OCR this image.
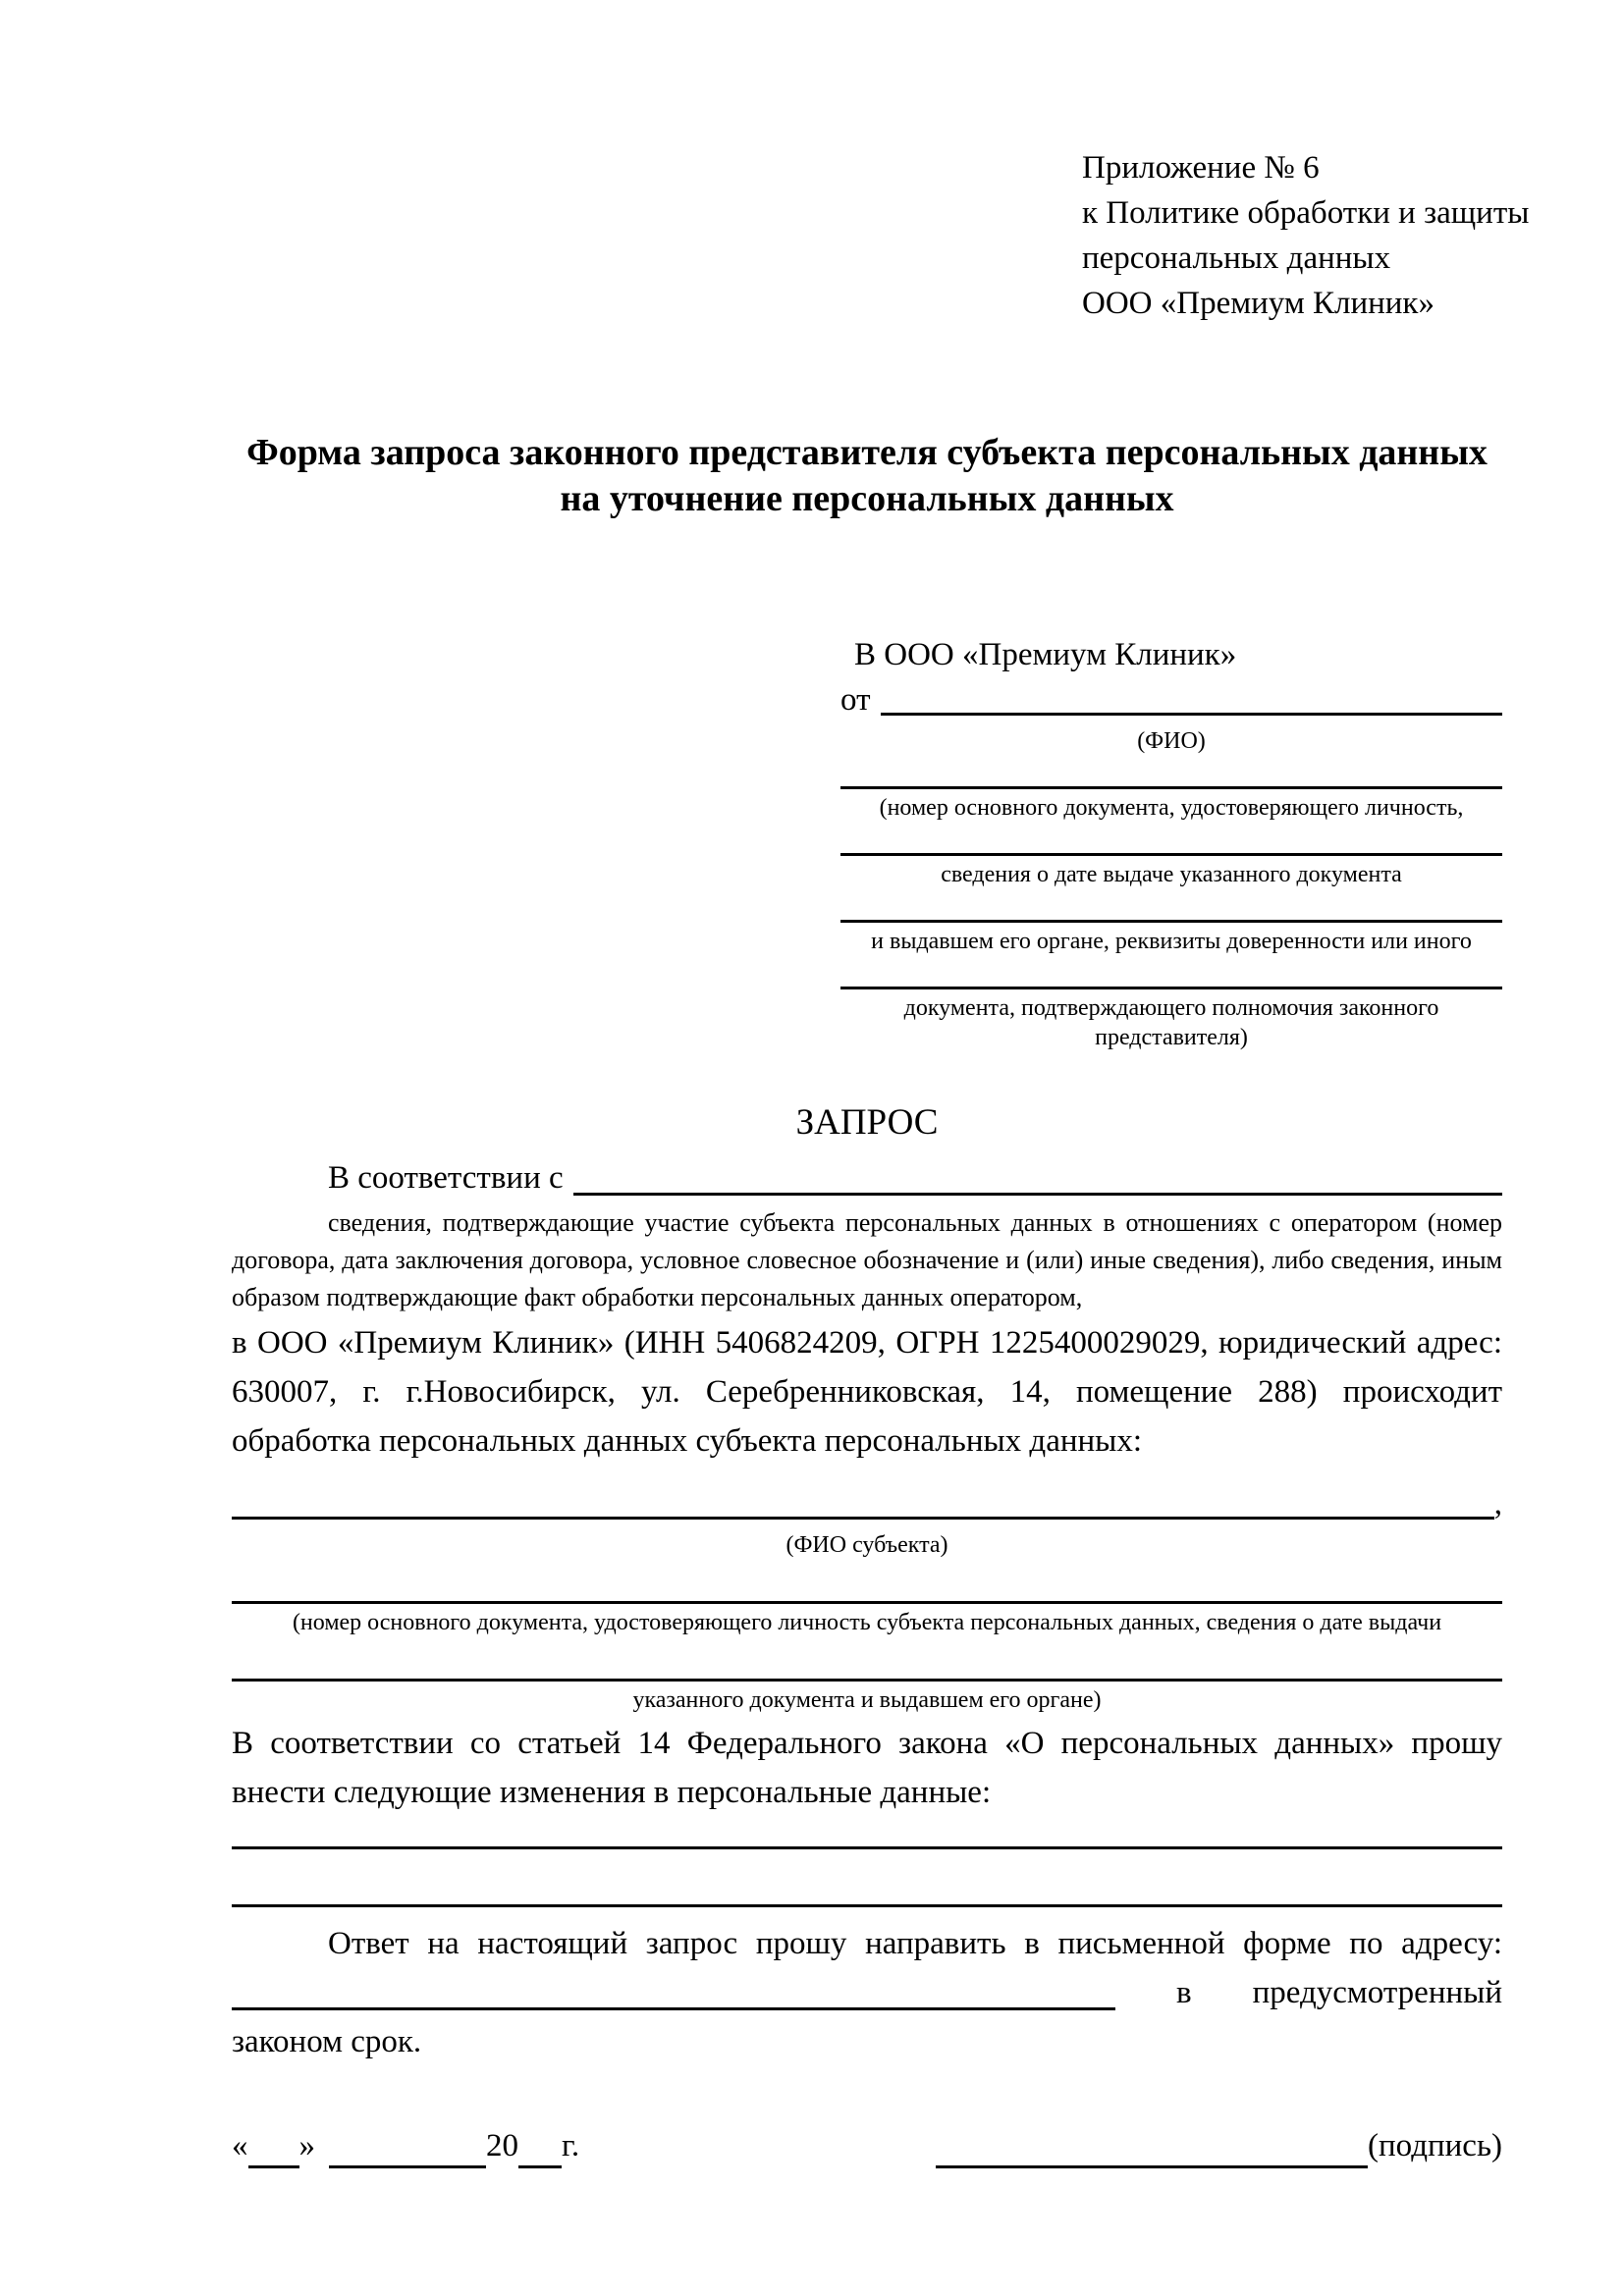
Приложение № 6
к Политике обработки и защиты
персональных данных
ООО «Премиум Клиник»
Форма запроса законного представителя субъекта персональных данных
на уточнение персональных данных
В ООО «Премиум Клиник»
от
(ФИО)
(номер основного документа, удостоверяющего личность,
сведения о дате выдаче указанного документа
и выдавшем его органе, реквизиты доверенности или иного
документа, подтверждающего полномочия законного представителя)
ЗАПРОС
В соответствии с
сведения, подтверждающие участие субъекта персональных данных в отношениях с оператором (номер договора, дата заключения договора, условное словесное обозначение и (или) иные сведения), либо сведения, иным образом подтверждающие факт обработки персональных данных оператором,
в ООО «Премиум Клиник» (ИНН 5406824209, ОГРН 1225400029029, юридический адрес: 630007, г. г.Новосибирск, ул. Серебренниковская, 14, помещение 288) происходит обработка персональных данных субъекта персональных данных:
,
(ФИО субъекта)
(номер основного документа, удостоверяющего личность субъекта персональных данных, сведения о дате выдачи
указанного документа и выдавшем его органе)
В соответствии со статьей 14 Федерального закона «О персональных данных» прошу внести следующие изменения в персональные данные:
Ответ на настоящий запрос прошу направить в письменной форме по адресу:
в предусмотренный
законом срок.
« »	20 г.	(подпись)
